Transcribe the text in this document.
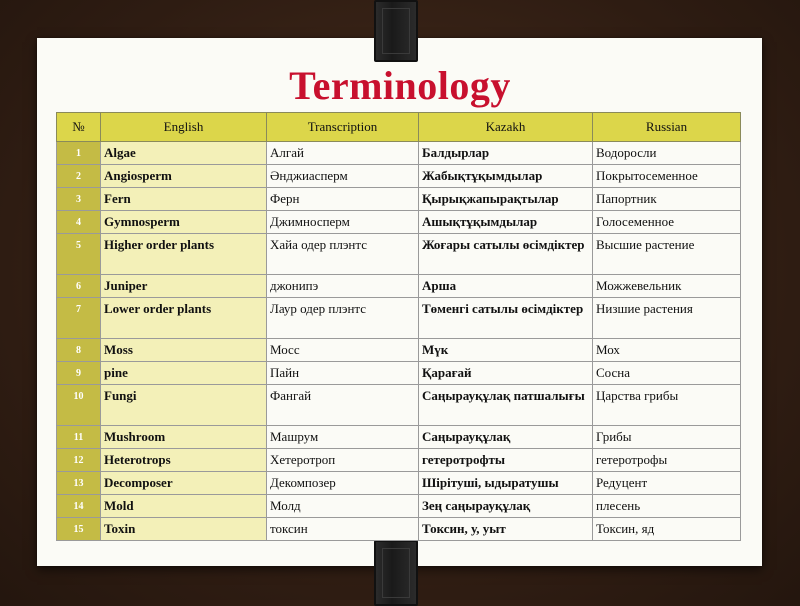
Terminology
№	English	Transcription	Kazakh	Russian
1	Algae	Алгай	Балдырлар	Водоросли
2	Angiosperm	Әнджиасперм	Жабықтұқымдылар	Покрытосеменное
3	Fern	Ферн	Қырықжапырақтылар	Папортник
4	Gymnosperm	Джимноспeрм	Ашықтұқымдылар	Голосеменное
5	Higher order plants	Хайа одер плэнтс	Жоғары сатылы өсімдіктер	Высшие растение
6	Juniper	джонипэ	Арша	Можжевельник
7	Lower order plants	Лаур одер плэнтс	Төменгі сатылы өсімдіктер	Низшие растения
8	Moss	Мосс	Мүк	Мох
9	pine	Пайн	Қарағай	Сосна
10	Fungi	Фангай	Саңырауқұлақ патшалығы	Царства грибы
11	Mushroom	Машрум	Саңырауқұлақ	Грибы
12	Heterotrops	Хетеротроп	гетеротрофты	гетеротрофы
13	Decomposer	Декомпозер	Шірітуші, ыдыратушы	Редуцент
14	Mold	Молд	Зең саңырауқұлақ	плесень
15	Toxin	токсин	Токсин, у, уыт	Токсин, яд
